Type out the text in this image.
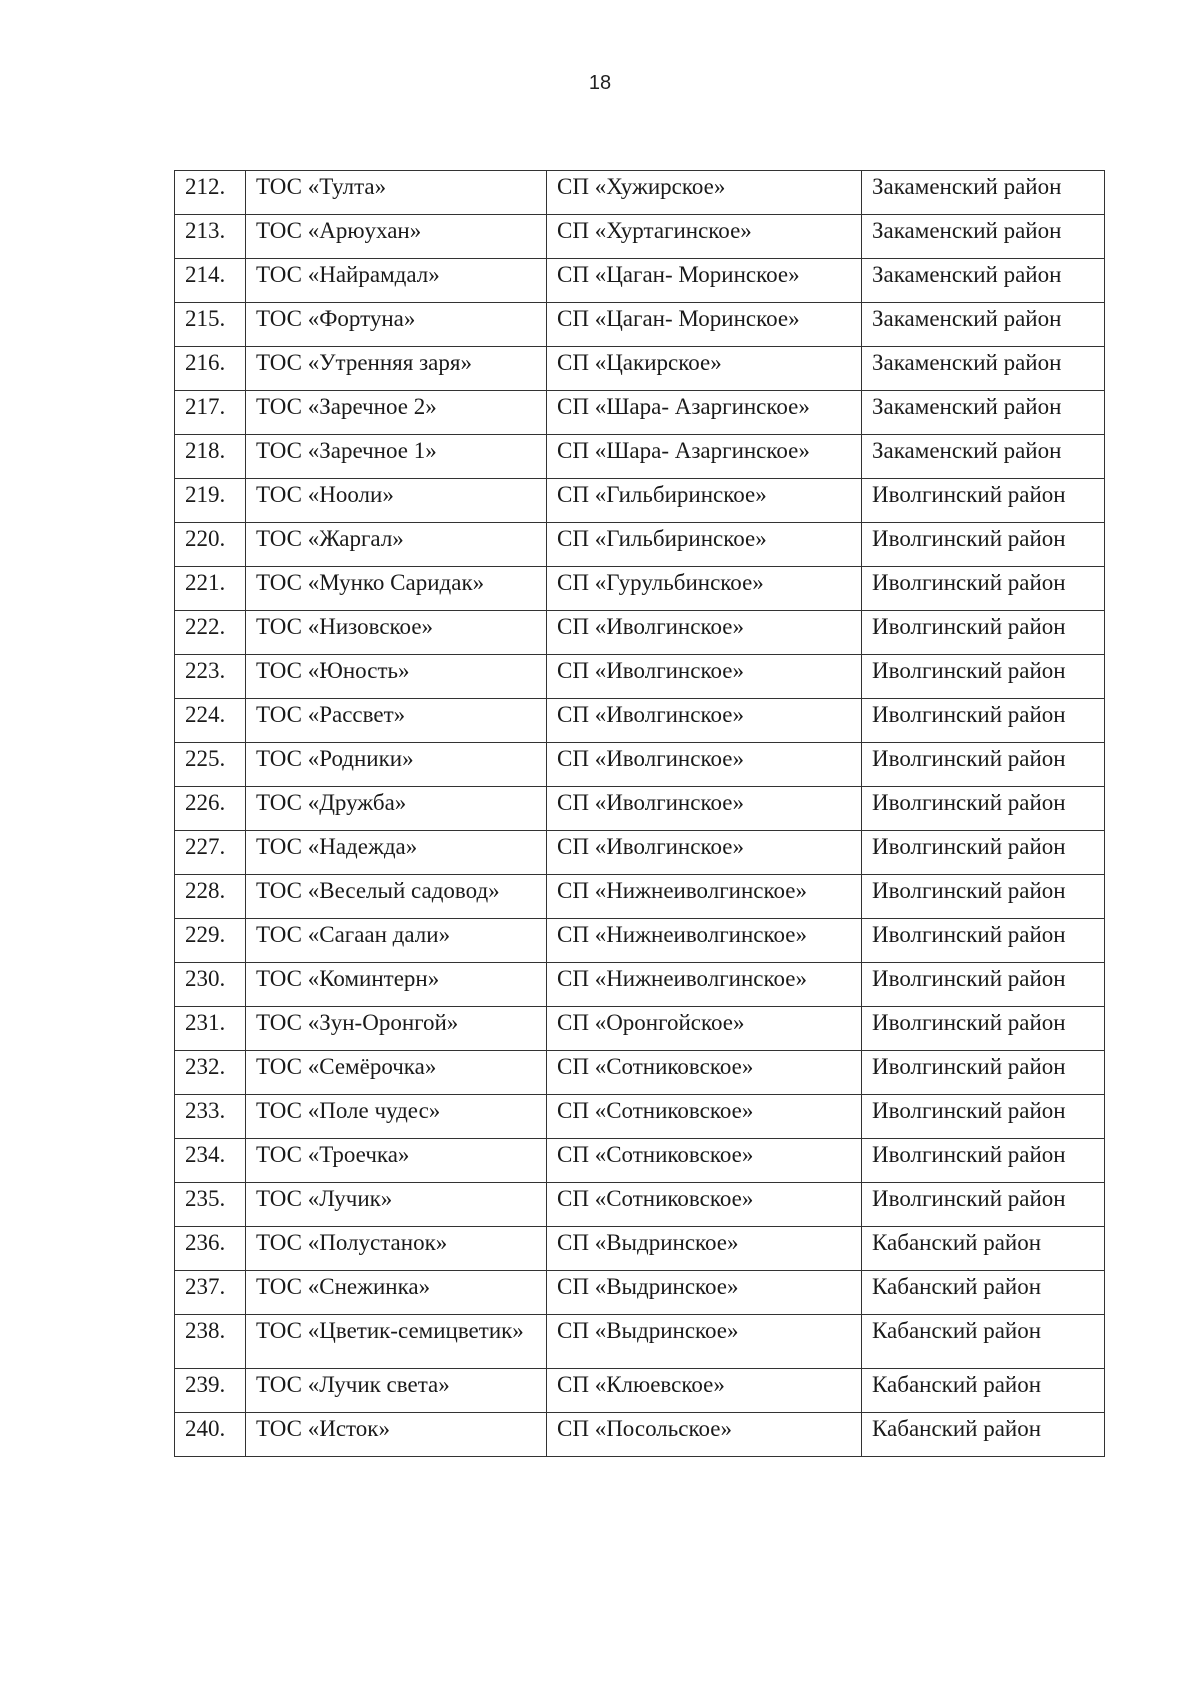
18
212.	ТОС «Тулта»	СП «Хужирское»	Закаменский район
213.	ТОС «Арюухан»	СП «Хуртагинское»	Закаменский район
214.	ТОС «Найрамдал»	СП «Цаган- Моринское»	Закаменский район
215.	ТОС «Фортуна»	СП «Цаган- Моринское»	Закаменский район
216.	ТОС «Утренняя заря»	СП «Цакирское»	Закаменский район
217.	ТОС «Заречное 2»	СП «Шара- Азаргинское»	Закаменский район
218.	ТОС «Заречное 1»	СП «Шара- Азаргинское»	Закаменский район
219.	ТОС «Нооли»	СП «Гильбиринское»	Иволгинский район
220.	ТОС «Жаргал»	СП «Гильбиринское»	Иволгинский район
221.	ТОС «Мунко Саридак»	СП «Гурульбинское»	Иволгинский район
222.	ТОС «Низовское»	СП «Иволгинское»	Иволгинский район
223.	ТОС «Юность»	СП «Иволгинское»	Иволгинский район
224.	ТОС «Рассвет»	СП «Иволгинское»	Иволгинский район
225.	ТОС «Родники»	СП «Иволгинское»	Иволгинский район
226.	ТОС «Дружба»	СП «Иволгинское»	Иволгинский район
227.	ТОС «Надежда»	СП «Иволгинское»	Иволгинский район
228.	ТОС «Веселый садовод»	СП «Нижнеиволгинское»	Иволгинский район
229.	ТОС «Сагаан дали»	СП «Нижнеиволгинское»	Иволгинский район
230.	ТОС «Коминтерн»	СП «Нижнеиволгинское»	Иволгинский район
231.	ТОС «Зун-Оронгой»	СП «Оронгойское»	Иволгинский район
232.	ТОС «Семёрочка»	СП «Сотниковское»	Иволгинский район
233.	ТОС «Поле чудес»	СП «Сотниковское»	Иволгинский район
234.	ТОС «Троечка»	СП «Сотниковское»	Иволгинский район
235.	ТОС «Лучик»	СП «Сотниковское»	Иволгинский район
236.	ТОС «Полустанок»	СП «Выдринское»	Кабанский район
237.	ТОС «Снежинка»	СП «Выдринское»	Кабанский район
238.	ТОС «Цветик-семицветик»	СП «Выдринское»	Кабанский район
239.	ТОС «Лучик света»	СП «Клюевское»	Кабанский район
240.	ТОС «Исток»	СП «Посольское»	Кабанский район
